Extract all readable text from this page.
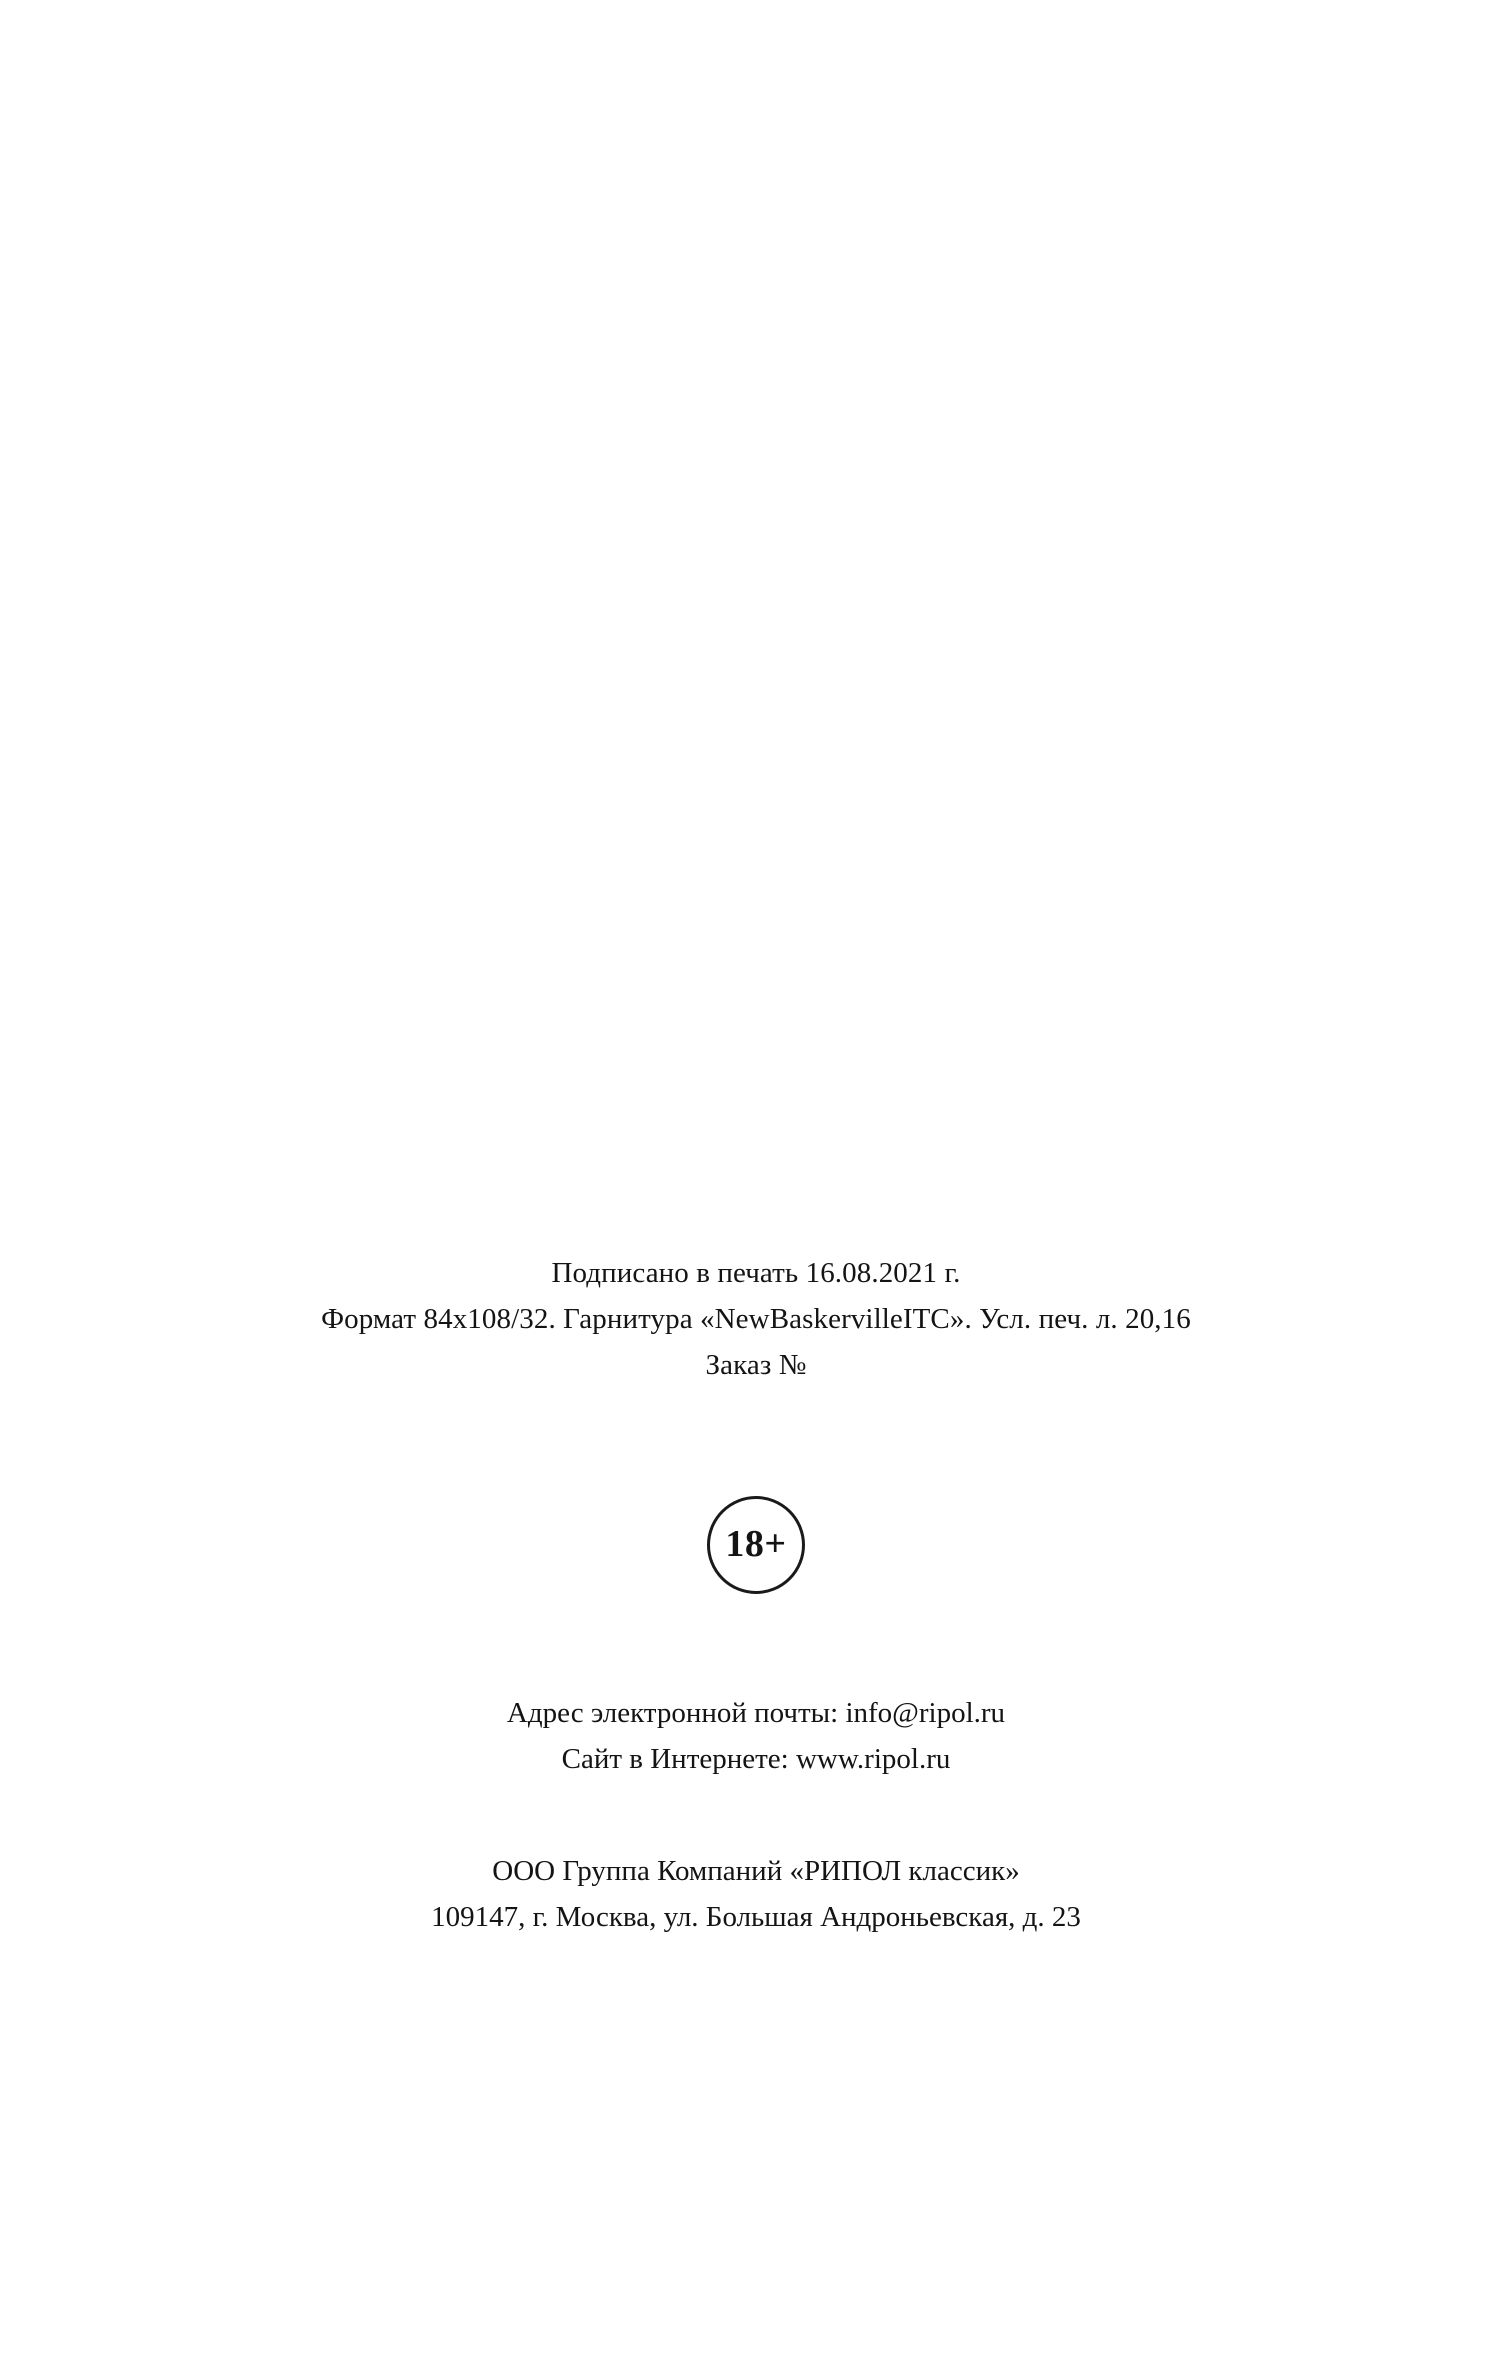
Подписано в печать 16.08.2021 г.
Формат 84x108/32. Гарнитура «NewBaskervilleITC». Усл. печ. л. 20,16
Заказ №
18+
Адрес электронной почты: info@ripol.ru
Сайт в Интернете: www.ripol.ru
ООО Группа Компаний «РИПОЛ классик»
109147, г. Москва, ул. Большая Андроньевская, д. 23
